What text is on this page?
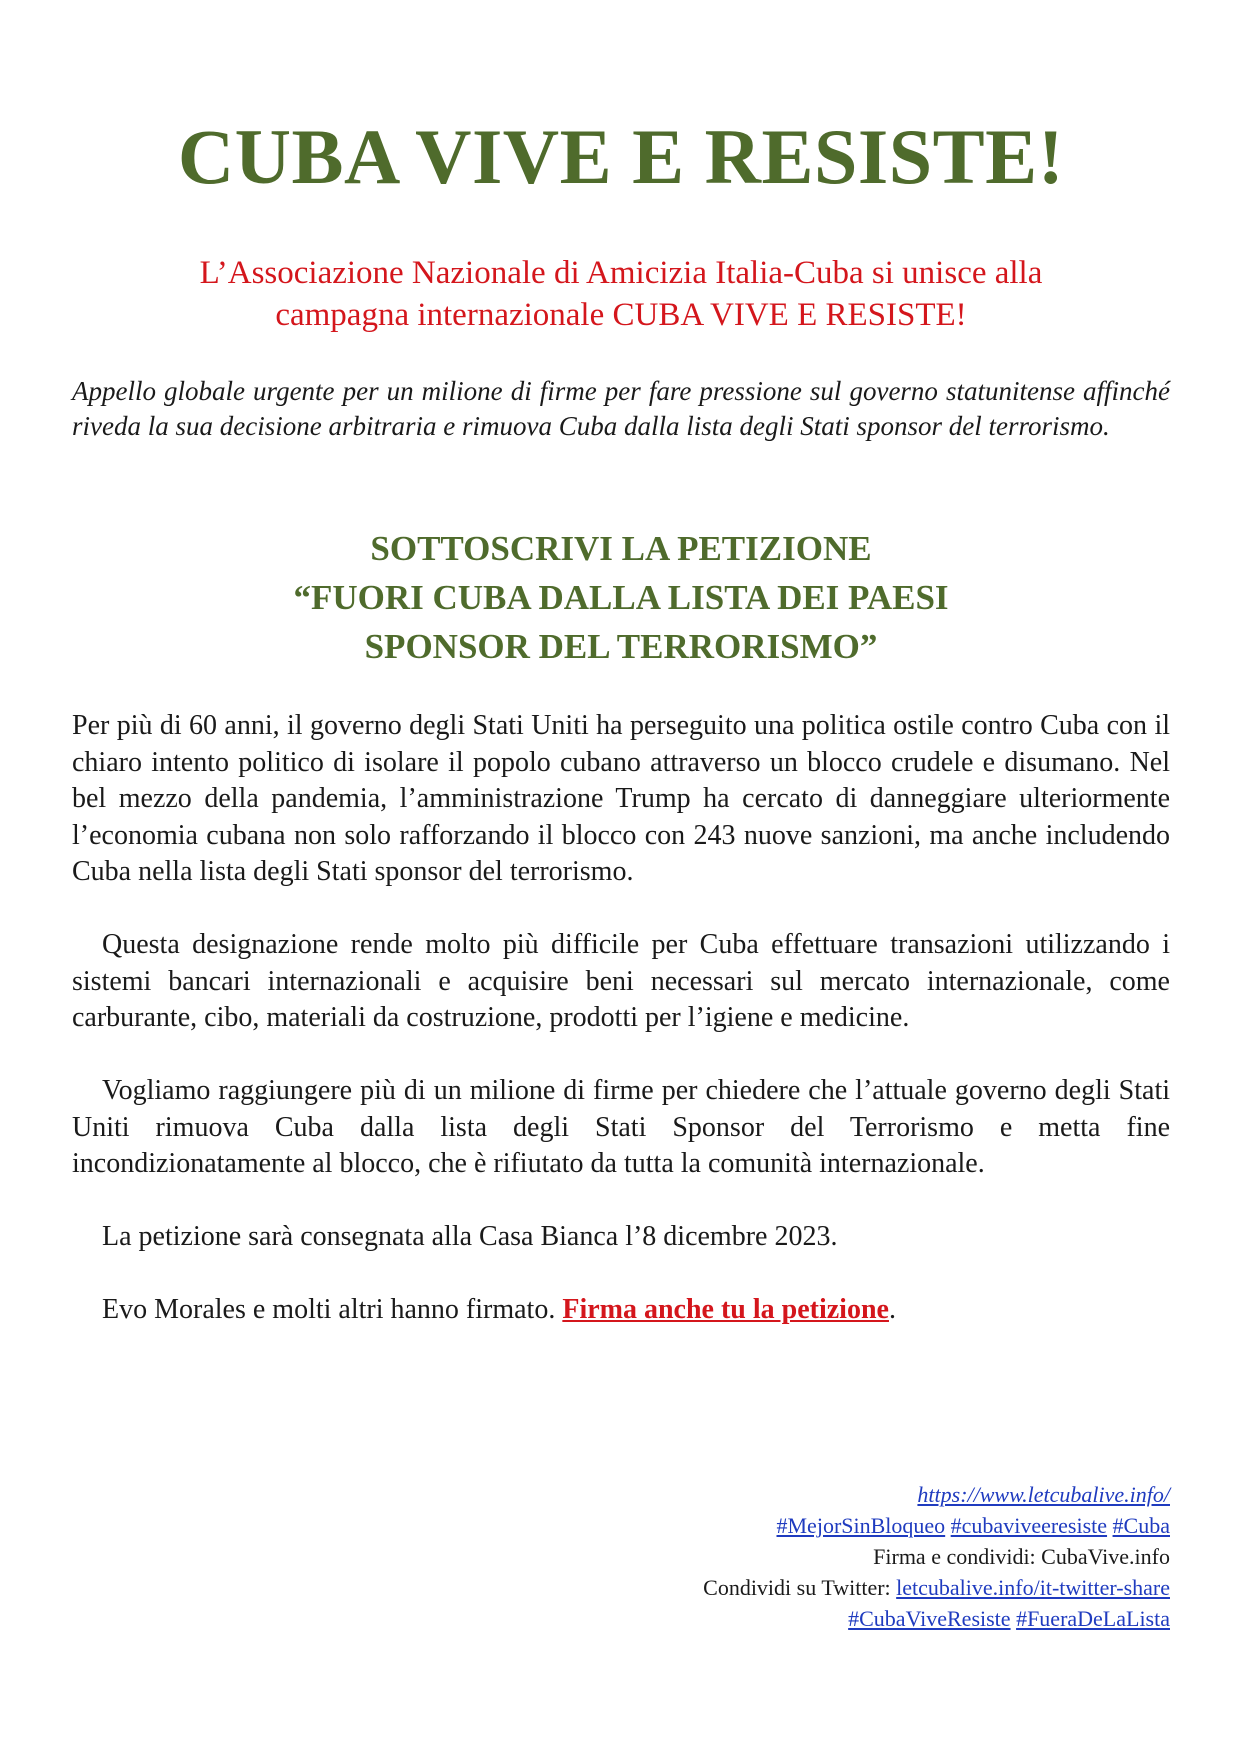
CUBA VIVE E RESISTE!
L’Associazione Nazionale di Amicizia Italia-Cuba si unisce alla
campagna internazionale CUBA VIVE E RESISTE!
Appello globale urgente per un milione di firme per fare pressione sul governo statunitense affinché riveda la sua decisione arbitraria e rimuova Cuba dalla lista degli Stati sponsor del terrorismo.
SOTTOSCRIVI LA PETIZIONE
“FUORI CUBA DALLA LISTA DEI PAESI
SPONSOR DEL TERRORISMO”

Per più di 60 anni, il governo degli Stati Uniti ha perseguito una politica ostile contro Cuba con il chiaro intento politico di isolare il popolo cubano attraverso un blocco crudele e disumano. Nel bel mezzo della pandemia, l’amministrazione Trump ha cercato di danneggiare ulteriormente l’economia cubana non solo rafforzando il blocco con 243 nuove sanzioni, ma anche includendo Cuba nella lista degli Stati sponsor del terrorismo.

Questa designazione rende molto più difficile per Cuba effettuare transazioni utilizzando i sistemi bancari internazionali e acquisire beni necessari sul mercato internazionale, come carburante, cibo, materiali da costruzione, prodotti per l’igiene e medicine.

Vogliamo raggiungere più di un milione di firme per chiedere che l’attuale governo degli Stati Uniti rimuova Cuba dalla lista degli Stati Sponsor del Terrorismo e metta fine incondizionatamente al blocco, che è rifiutato da tutta la comunità internazionale.

La petizione sarà consegnata alla Casa Bianca l’8 dicembre 2023.

Evo Morales e molti altri hanno firmato. Firma anche tu la petizione.

https://www.letcubalive.info/
#MejorSinBloqueo #cubaviveeresiste #Cuba
Firma e condividi: CubaVive.info
Condividi su Twitter: letcubalive.info/it-twitter-share
#CubaViveResiste #FueraDeLaLista
